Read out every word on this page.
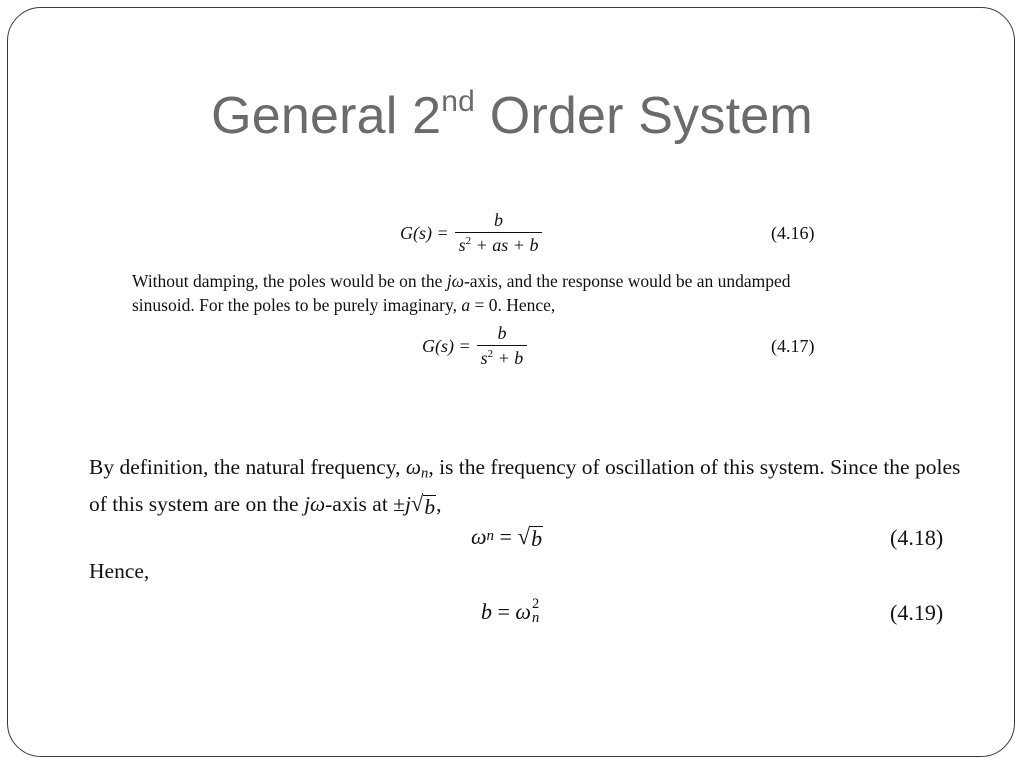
General 2nd Order System
$G(s) = \frac{b}{s^2 + as + b}$	(4.16)
Without damping, the poles would be on the jω-axis, and the response would be an undamped sinusoid. For the poles to be purely imaginary, a = 0. Hence,
$G(s) = \frac{b}{s^2 + b}$	(4.17)
By definition, the natural frequency, $\omega_n$, is the frequency of oscillation of this system. Since the poles of this system are on the jω-axis at ±j √ b ,
ω n = √ b	(4.18)
Hence,
b = ω 2
n	(4.19)
